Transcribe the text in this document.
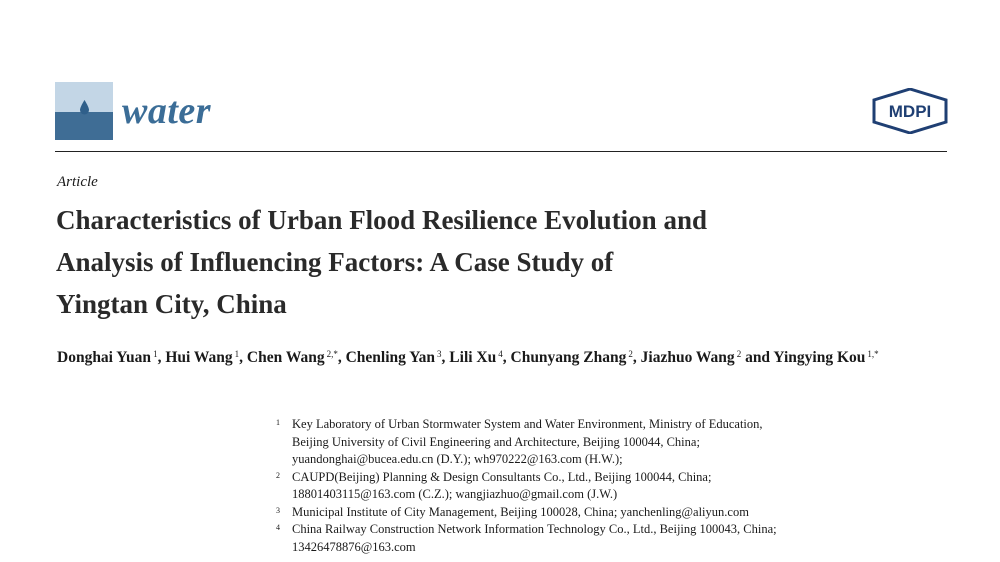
water	MDPI
Article
Characteristics of Urban Flood Resilience Evolution and
Analysis of Influencing Factors: A Case Study of
Yingtan City, China
Donghai Yuan $^1$, Hui Wang $^1$, Chen Wang $^{2,*}$, Chenling Yan $^3$, Lili Xu $^4$, Chunyang Zhang $^2$, Jiazhuo Wang $^2$ and Yingying Kou $^{1,*}$
1 Key Laboratory of Urban Stormwater System and Water Environment, Ministry of Education,
Beijing University of Civil Engineering and Architecture, Beijing 100044, China;
yuandonghai@bucea.edu.cn (D.Y.); wh970222@163.com (H.W.);
2 CAUPD(Beijing) Planning & Design Consultants Co., Ltd., Beijing 100044, China;
18801403115@163.com (C.Z.); wangjiazhuo@gmail.com (J.W.)
3 Municipal Institute of City Management, Beijing 100028, China; yanchenling@aliyun.com
4 China Railway Construction Network Information Technology Co., Ltd., Beijing 100043, China;
13426478876@163.com
